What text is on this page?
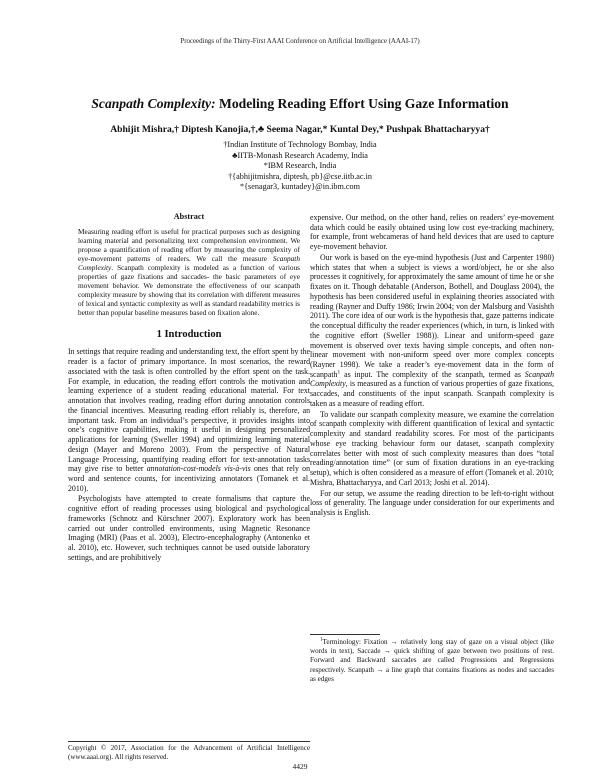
Proceedings of the Thirty-First AAAI Conference on Artificial Intelligence (AAAI-17)
Scanpath Complexity: Modeling Reading Effort Using Gaze Information
Abhijit Mishra,† Diptesh Kanojia,†,♣ Seema Nagar,* Kuntal Dey,* Pushpak Bhattacharyya†
†Indian Institute of Technology Bombay, India
♣IITB-Monash Research Academy, India
*IBM Research, India
†{abhijitmishra, diptesh, pb}@cse.iitb.ac.in
*{senagar3, kuntadey}@in.ibm.com
Abstract

Measuring reading effort is useful for practical purposes such as designing learning material and personalizing text comprehension environment. We propose a quantification of reading effort by measuring the complexity of eye-movement patterns of readers. We call the measure Scanpath Complexity. Scanpath complexity is modeled as a function of various properties of gaze fixations and saccades- the basic parameters of eye movement behavior. We demonstrate the effectiveness of our scanpath complexity measure by showing that its correlation with different measures of lexical and syntactic complexity as well as standard readability metrics is better than popular baseline measures based on fixation alone.

1 Introduction

In settings that require reading and understanding text, the effort spent by the reader is a factor of primary importance. In most scenarios, the reward associated with the task is often controlled by the effort spent on the task. For example, in education, the reading effort controls the motivation and learning experience of a student reading educational material. For text annotation that involves reading, reading effort during annotation controls the financial incentives. Measuring reading effort reliably is, therefore, an important task. From an individual’s perspective, it provides insights into one’s cognitive capabilities, making it useful in designing personalized applications for learning (Sweller 1994) and optimizing learning material design (Mayer and Moreno 2003). From the perspective of Natural Language Processing, quantifying reading effort for text-annotation tasks may give rise to better annotation-cost-models vis-à-vis ones that rely on word and sentence counts, for incentivizing annotators (Tomanek et al. 2010).

Psychologists have attempted to create formalisms that capture the cognitive effort of reading processes using biological and psychological frameworks (Schnotz and Kürschner 2007). Exploratory work has been carried out under controlled environments, using Magnetic Resonance Imaging (MRI) (Paas et al. 2003), Electro-encephalography (Antonenko et al. 2010), etc. However, such techniques cannot be used outside laboratory settings, and are prohibitively

expensive. Our method, on the other hand, relies on readers’ eye-movement data which could be easily obtained using low cost eye-tracking machinery, for example, front webcameras of hand held devices that are used to capture eye-movement behavior.

Our work is based on the eye-mind hypothesis (Just and Carpenter 1980) which states that when a subject is views a word/object, he or she also processes it cognitively, for approximately the same amount of time he or she fixates on it. Though debatable (Anderson, Bothell, and Douglass 2004), the hypothesis has been considered useful in explaining theories associated with reading (Rayner and Duffy 1986; Irwin 2004; von der Malsburg and Vasishth 2011). The core idea of our work is the hypothesis that, gaze patterns indicate the conceptual difficulty the reader experiences (which, in turn, is linked with the cognitive effort (Sweller 1988)). Linear and uniform-speed gaze movement is observed over texts having simple concepts, and often non-linear movement with non-uniform speed over more complex concepts (Rayner 1998). We take a reader’s eye-movement data in the form of scanpath$^1$ as input. The complexity of the scanpath, termed as Scanpath Complexity, is measured as a function of various properties of gaze fixations, saccades, and constituents of the input scanpath. Scanpath complexity is taken as a measure of reading effort.

To validate our scanpath complexity measure, we examine the correlation of scanpath complexity with different quantification of lexical and syntactic complexity and standard readability scores. For most of the participants whose eye tracking behaviour form our dataset, scanpath complexity correlates better with most of such complexity measures than does “total reading/annotation time” (or sum of fixation durations in an eye-tracking setup), which is often considered as a measure of effort (Tomanek et al. 2010; Mishra, Bhattacharyya, and Carl 2013; Joshi et al. 2014).

For our setup, we assume the reading direction to be left-to-right without loss of generality. The language under consideration for our experiments and analysis is English.

$^1$Terminology: Fixation → relatively long stay of gaze on a visual object (like words in text), Saccade → quick shifting of gaze between two positions of rest. Forward and Backward saccades are called Progressions and Regressions respectively. Scanpath → a line graph that contains fixations as nodes and saccades as edges
Copyright © 2017, Association for the Advancement of Artificial Intelligence (www.aaai.org). All rights reserved.
4429
